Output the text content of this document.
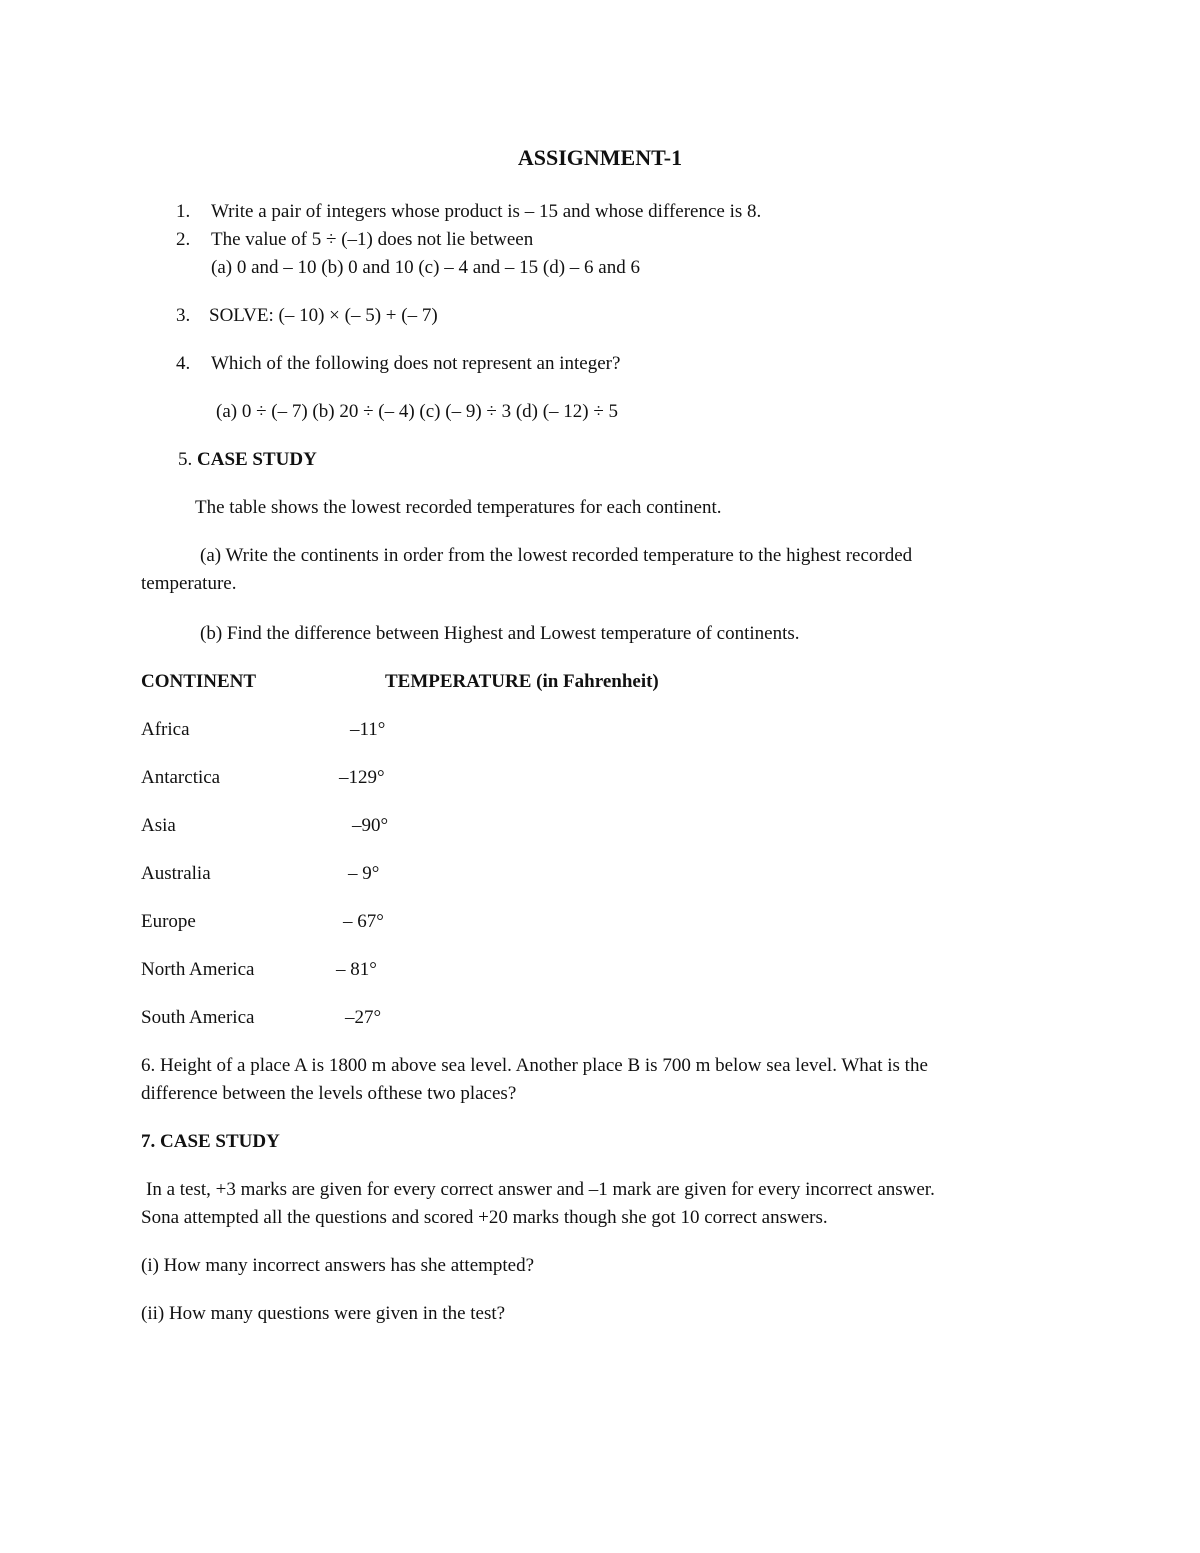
ASSIGNMENT-1
1. Write a pair of integers whose product is – 15 and whose difference is 8.
2. The value of 5 ÷ (–1) does not lie between
(a) 0 and – 10 (b) 0 and 10 (c) – 4 and – 15 (d) – 6 and 6
3. SOLVE: (– 10) × (– 5) + (– 7)
4. Which of the following does not represent an integer?
(a) 0 ÷ (– 7) (b) 20 ÷ (– 4) (c) (– 9) ÷ 3 (d) (– 12) ÷ 5
5. CASE STUDY
The table shows the lowest recorded temperatures for each continent.
(a) Write the continents in order from the lowest recorded temperature to the highest recorded
temperature.
(b) Find the difference between Highest and Lowest temperature of continents.
CONTINENT	TEMPERATURE (in Fahrenheit)
Africa	–11°
Antarctica	–129°
Asia	–90°
Australia	– 9°
Europe	– 67°
North America	– 81°
South America	–27°
6. Height of a place A is 1800 m above sea level. Another place B is 700 m below sea level. What is the
difference between the levels ofthese two places?
7. CASE STUDY
In a test, +3 marks are given for every correct answer and –1 mark are given for every incorrect answer.
Sona attempted all the questions and scored +20 marks though she got 10 correct answers.
(i) How many incorrect answers has she attempted?
(ii) How many questions were given in the test?
